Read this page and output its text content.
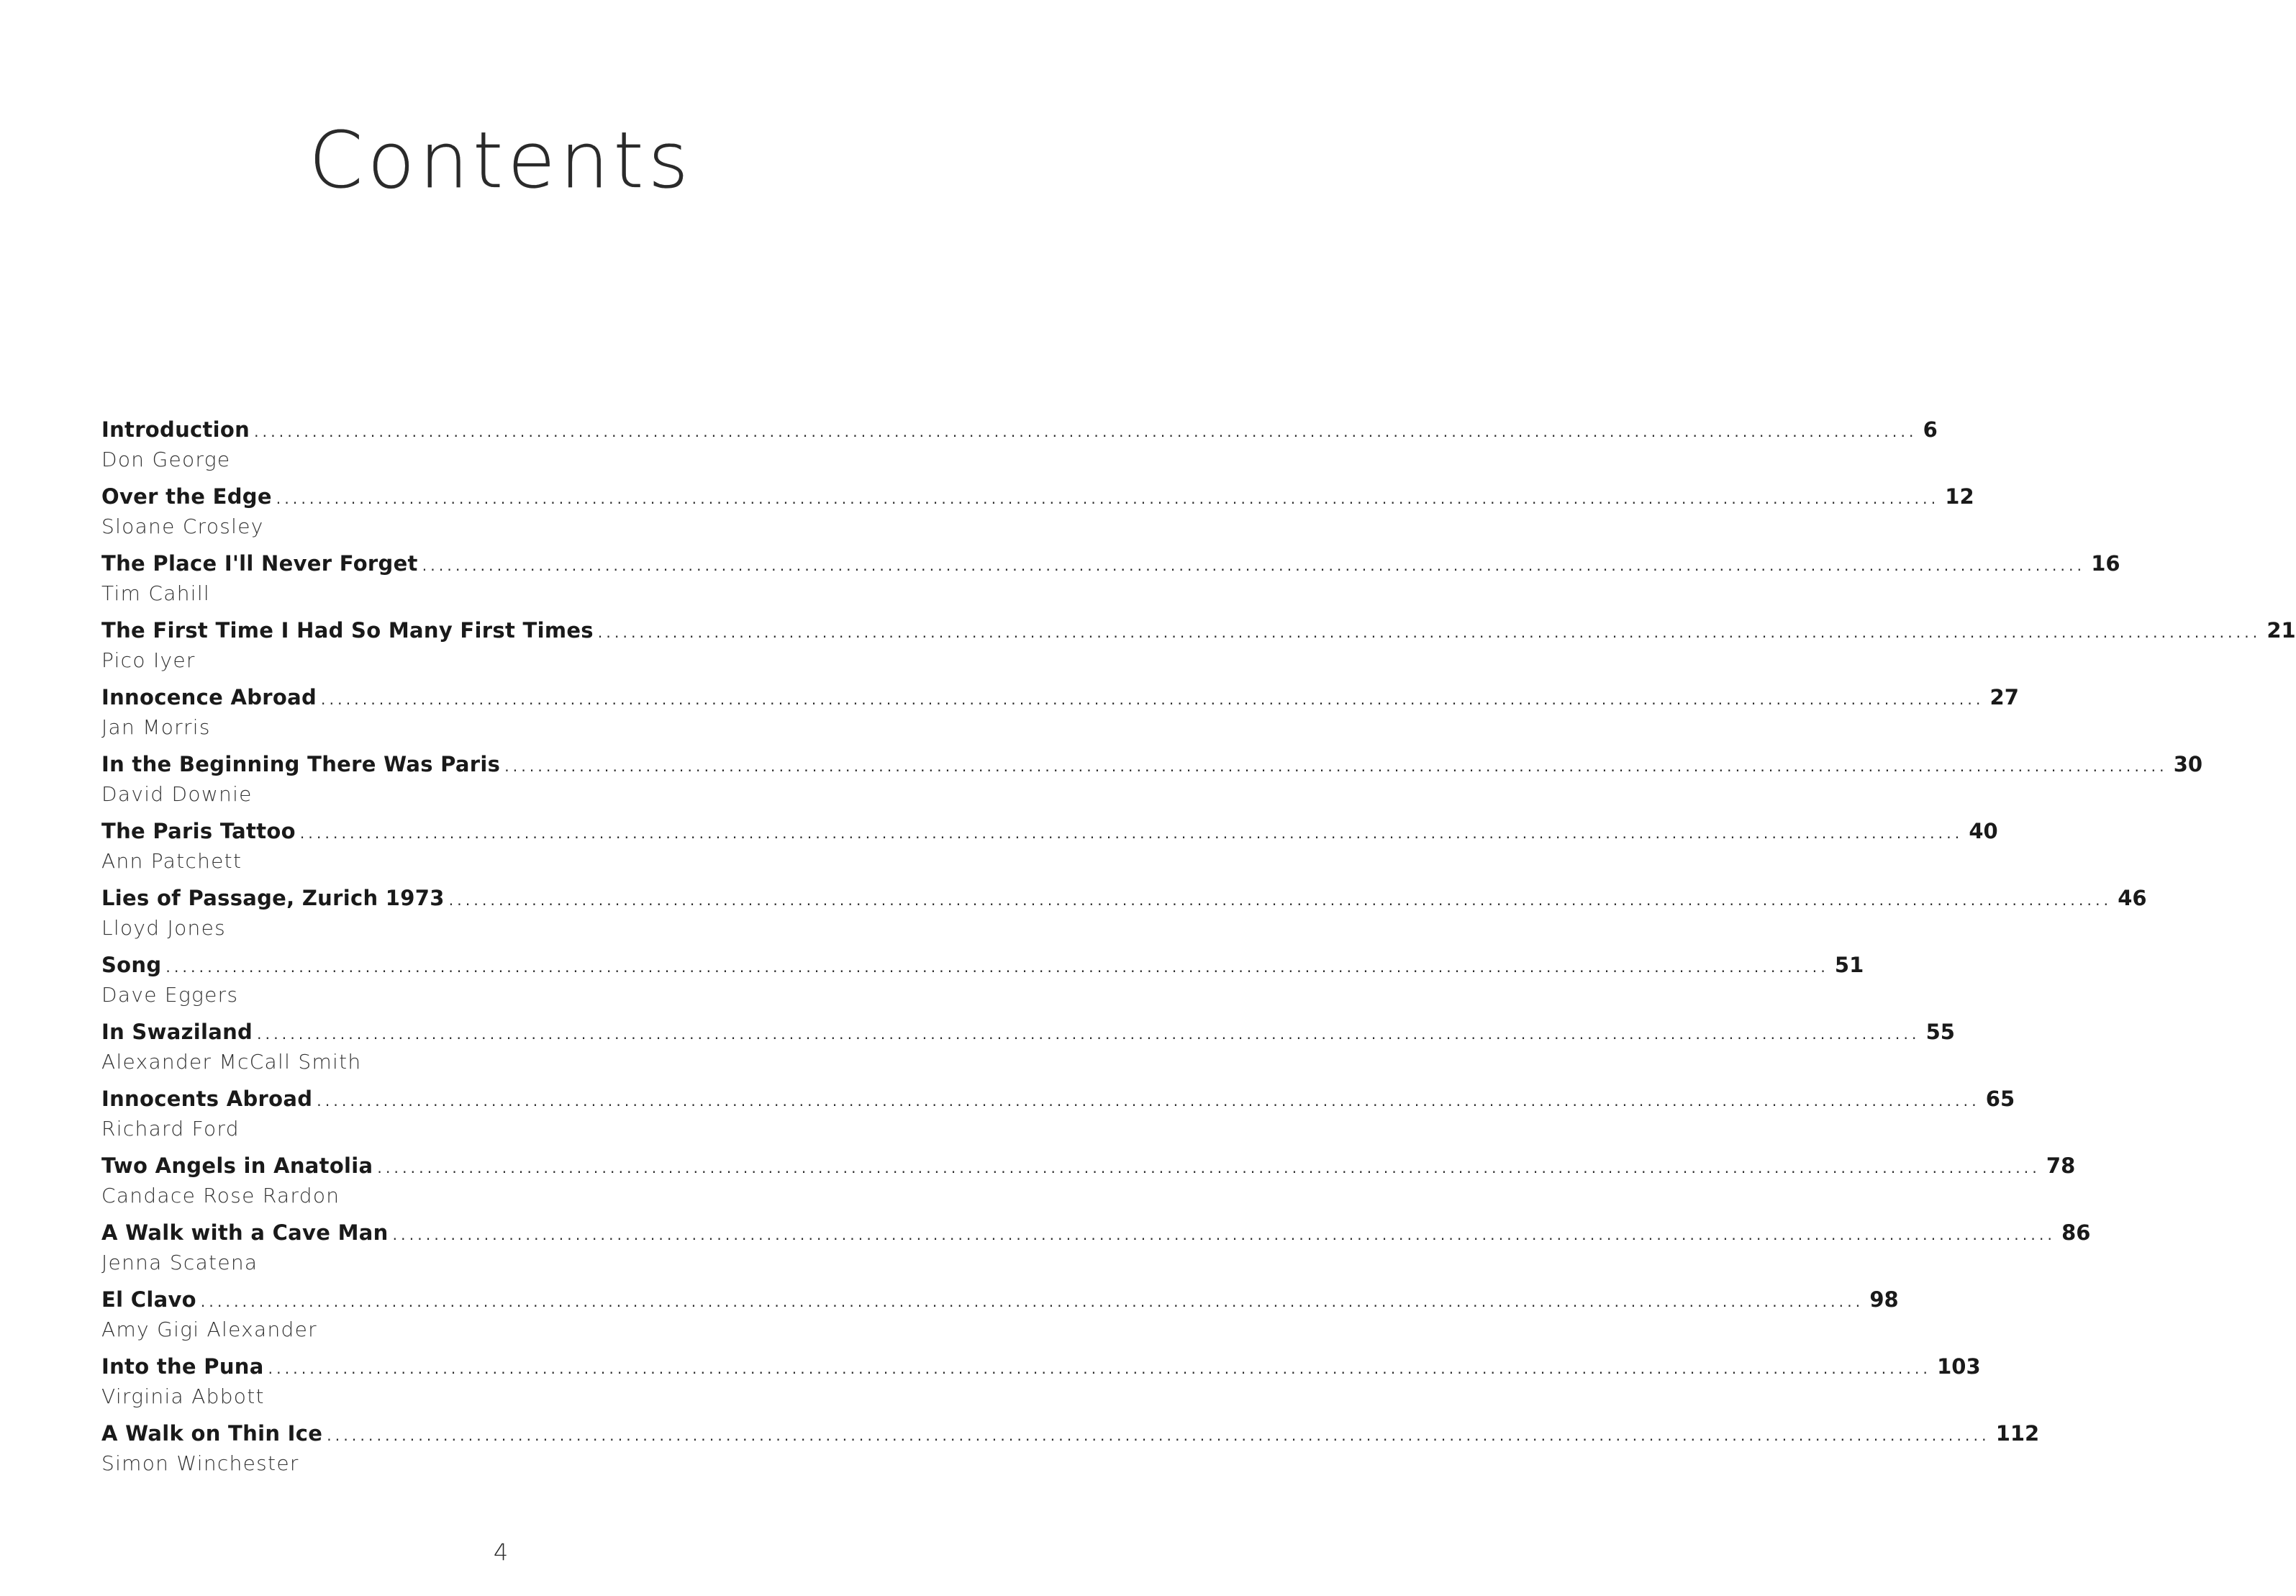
Contents
Introduction ........................................................................................................................................................................................................ 6
Don George
Over the Edge ........................................................................................................................................................................................................ 12
Sloane Crosley
The Place I'll Never Forget ........................................................................................................................................................................................................ 16
Tim Cahill
The First Time I Had So Many First Times ........................................................................................................................................................................................................ 21
Pico Iyer
Innocence Abroad ........................................................................................................................................................................................................ 27
Jan Morris
In the Beginning There Was Paris ........................................................................................................................................................................................................ 30
David Downie
The Paris Tattoo ........................................................................................................................................................................................................ 40
Ann Patchett
Lies of Passage, Zurich 1973 ........................................................................................................................................................................................................ 46
Lloyd Jones
Song ........................................................................................................................................................................................................ 51
Dave Eggers
In Swaziland ........................................................................................................................................................................................................ 55
Alexander McCall Smith
Innocents Abroad ........................................................................................................................................................................................................ 65
Richard Ford
Two Angels in Anatolia ........................................................................................................................................................................................................ 78
Candace Rose Rardon
A Walk with a Cave Man ........................................................................................................................................................................................................ 86
Jenna Scatena
El Clavo ........................................................................................................................................................................................................ 98
Amy Gigi Alexander
Into the Puna ........................................................................................................................................................................................................ 103
Virginia Abbott
A Walk on Thin Ice ........................................................................................................................................................................................................ 112
Simon Winchester
4
